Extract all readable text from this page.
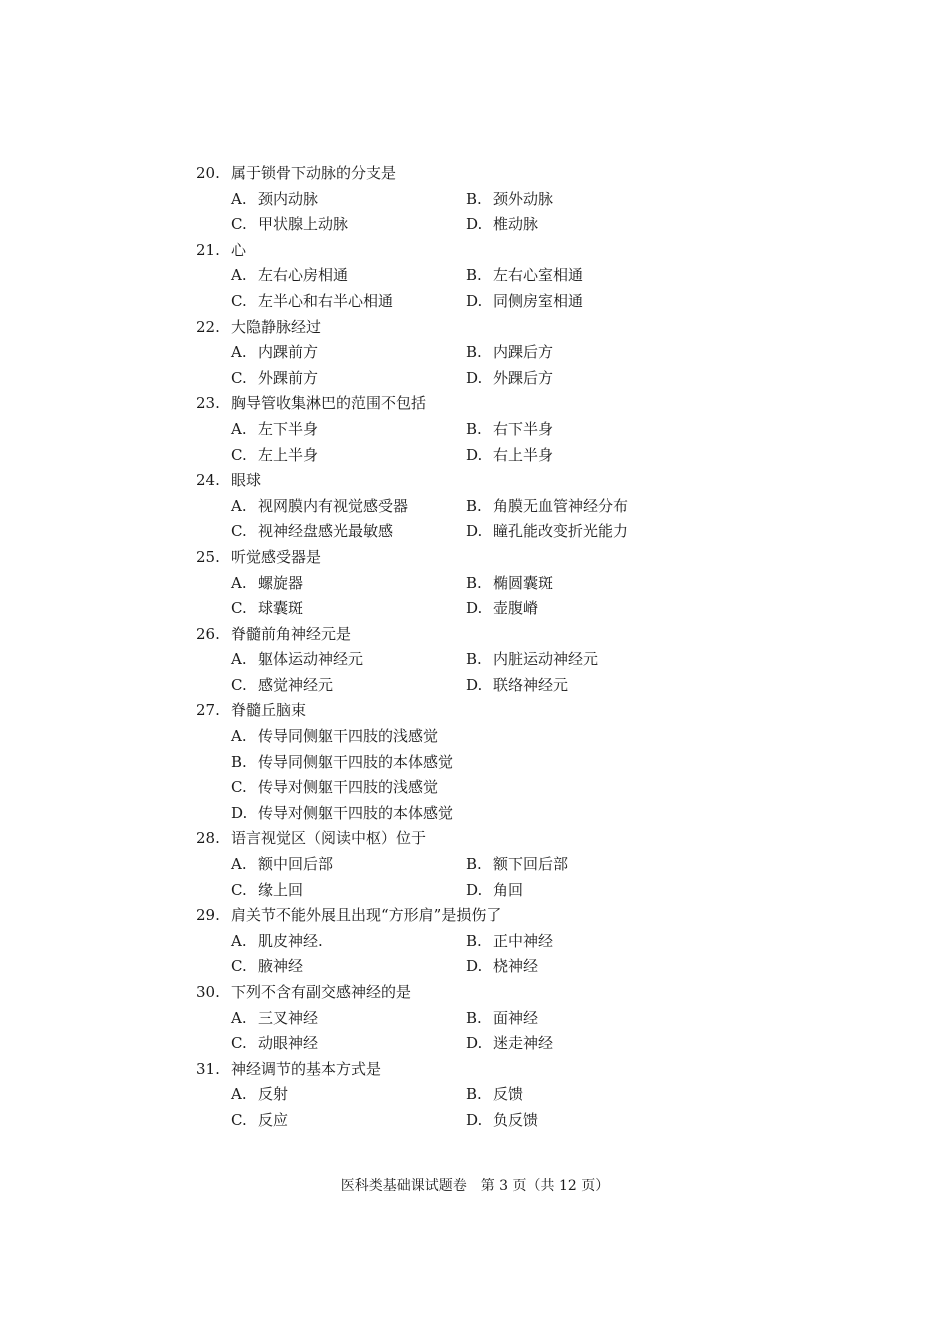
20. 属于锁骨下动脉的分支是
A. 颈内动脉	B. 颈外动脉
C. 甲状腺上动脉	D. 椎动脉
21. 心
A. 左右心房相通	B. 左右心室相通
C. 左半心和右半心相通	D. 同侧房室相通
22. 大隐静脉经过
A. 内踝前方	B. 内踝后方
C. 外踝前方	D. 外踝后方
23. 胸导管收集淋巴的范围不包括
A. 左下半身	B. 右下半身
C. 左上半身	D. 右上半身
24. 眼球
A. 视网膜内有视觉感受器	B. 角膜无血管神经分布
C. 视神经盘感光最敏感	D. 瞳孔能改变折光能力
25. 听觉感受器是
A. 螺旋器	B. 椭圆囊斑
C. 球囊斑	D. 壶腹嵴
26. 脊髓前角神经元是
A. 躯体运动神经元	B. 内脏运动神经元
C. 感觉神经元	D. 联络神经元
27. 脊髓丘脑束
A. 传导同侧躯干四肢的浅感觉
B. 传导同侧躯干四肢的本体感觉
C. 传导对侧躯干四肢的浅感觉
D. 传导对侧躯干四肢的本体感觉
28. 语言视觉区（阅读中枢）位于
A. 额中回后部	B. 额下回后部
C. 缘上回	D. 角回
29. 肩关节不能外展且出现“方形肩”是损伤了
A. 肌皮神经.	B. 正中神经
C. 腋神经	D. 桡神经
30. 下列不含有副交感神经的是
A. 三叉神经	B. 面神经
C. 动眼神经	D. 迷走神经
31. 神经调节的基本方式是
A. 反射	B. 反馈
C. 反应	D. 负反馈
医科类基础课试题卷　第 3 页（共 12 页）
